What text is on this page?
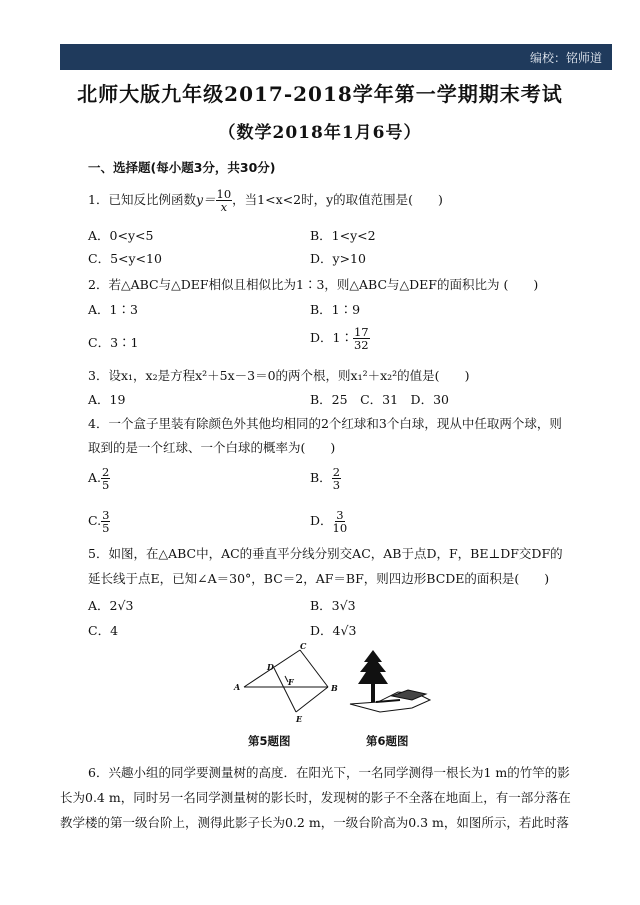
编校：铭师道
北师大版九年级2017-2018学年第一学期期末考试
（数学2018年1月6号）
一、选择题(每小题3分，共30分)
1．已知反比例函数$y= \frac{10}{x}$ ，当1<x<2时，y的取值范围是(　　)
A．0<y<5	B．1<y<2
C．5<y<10	D．y>10
2．若△ABC与△DEF相似且相似比为1∶3，则△ABC与△DEF的面积比为 (　　)
A．1∶3	B．1∶9
C．3∶1	D．1∶ $\frac{17}{32}$
3．设x₁，x₂是方程x²＋5x－3＝0的两个根，则x₁²＋x₂²的值是(　　)
A．19	B．25　C．31　D．30
4．一个盒子里装有除颜色外其他均相同的2个红球和3个白球，现从中任取两个球，则
取到的是一个红球、一个白球的概率为(　　)
A. $\frac{2}{5}$	B． $\frac{2}{3}$
C. $\frac{3}{5}$	D． $\frac{3}{10}$
5．如图，在△ABC中，AC的垂直平分线分别交AC，AB于点D，F，BE⊥DF交DF的
延长线于点E，已知∠A＝30°，BC＝2，AF＝BF，则四边形BCDE的面积是(　　)
A．2√3	B．3√3
C．4	D．4√3
A
C
B
D
F
E
第5题图	第6题图
6．兴趣小组的同学要测量树的高度．在阳光下，一名同学测得一根长为1 m的竹竿的影
长为0.4 m，同时另一名同学测量树的影长时，发现树的影子不全落在地面上，有一部分落在
教学楼的第一级台阶上，测得此影子长为0.2 m，一级台阶高为0.3 m，如图所示，若此时落
